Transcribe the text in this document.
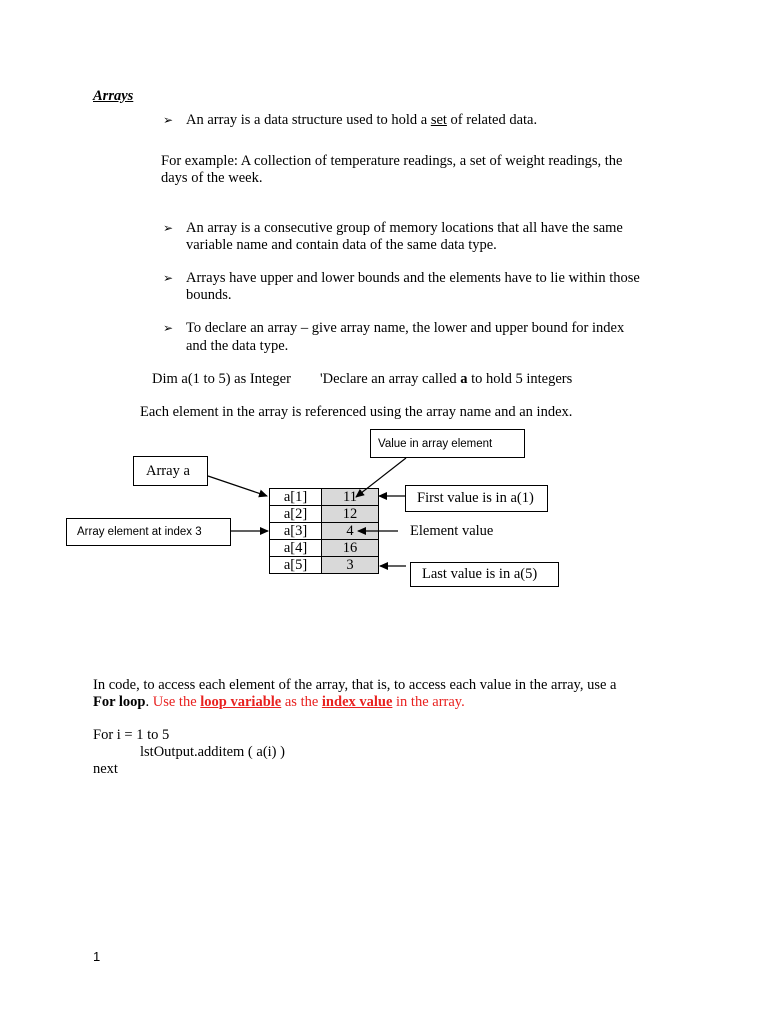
Arrays
➢ An array is a data structure used to hold a set of related data.
For example: A collection of temperature readings, a set of weight readings, the
days of the week.
➢ An array is a consecutive group of memory locations that all have the same
variable name and contain data of the same data type.
➢ Arrays have upper and lower bounds and the elements have to lie within those
bounds.
➢ To declare an array – give array name, the lower and upper bound for index
and the data type.
Dim a(1 to 5) as Integer 'Declare an array called a to hold 5 integers
Each element in the array is referenced using the array name and an index.
Value in array element
Array a
Array element at index 3
First value is in a(1)
Element value
Last value is in a(5)
a[1]	11
a[2]	12
a[3]	4
a[4]	16
a[5]	3
In code, to access each element of the array, that is, to access each value in the array, use a
For loop. Use the loop variable as the index value in the array.
For i = 1 to 5
lstOutput.additem ( a(i) )
next
1
